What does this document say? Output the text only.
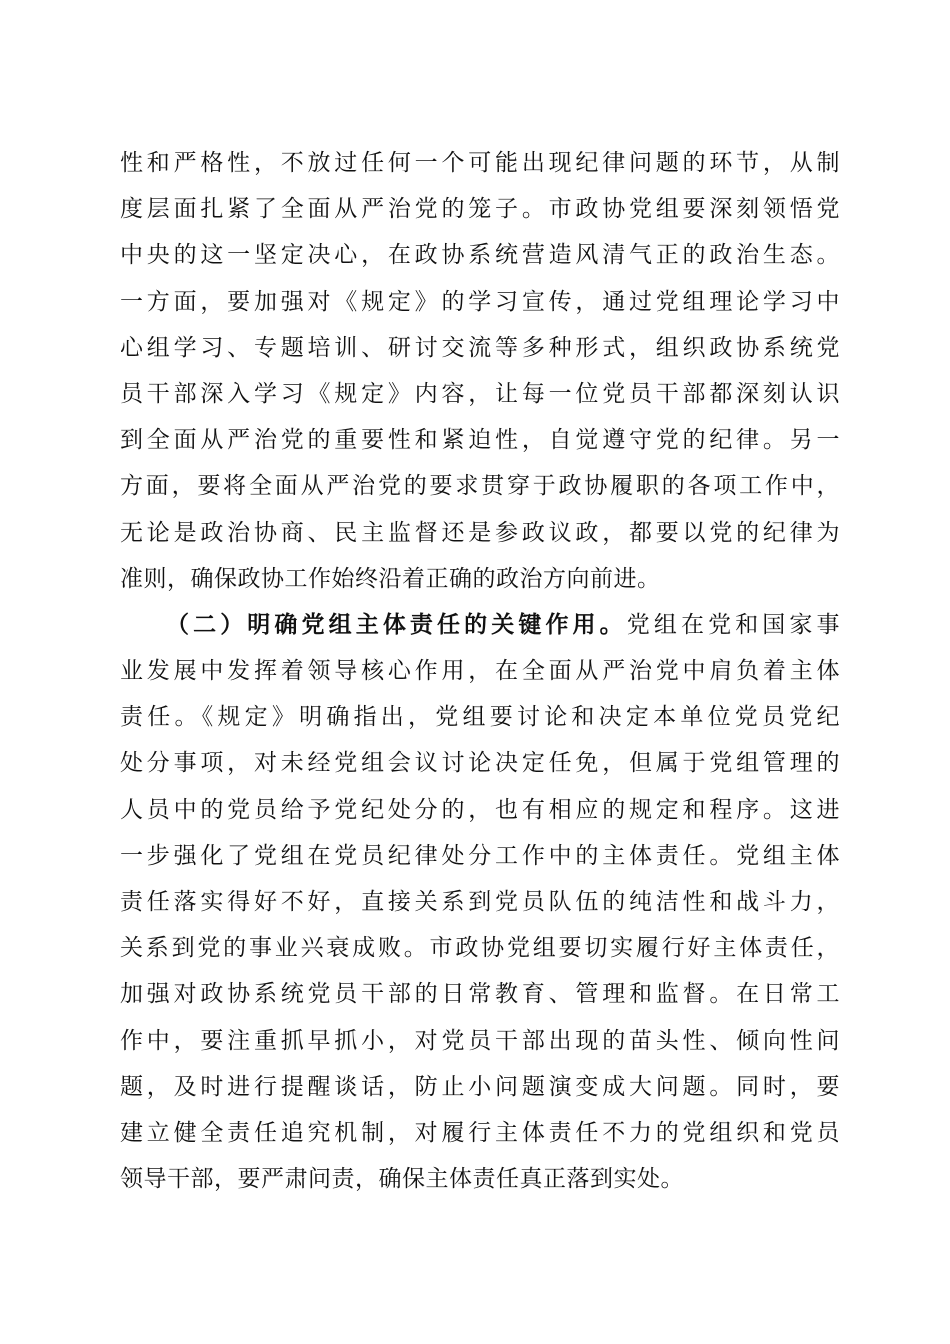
性和严格性，不放过任何一个可能出现纪律问题的环节，从制
度层面扎紧了全面从严治党的笼子。市政协党组要深刻领悟党
中央的这一坚定决心，在政协系统营造风清气正的政治生态。
一方面，要加强对《规定》的学习宣传，通过党组理论学习中
心组学习、专题培训、研讨交流等多种形式，组织政协系统党
员干部深入学习《规定》内容，让每一位党员干部都深刻认识
到全面从严治党的重要性和紧迫性，自觉遵守党的纪律。另一
方面，要将全面从严治党的要求贯穿于政协履职的各项工作中，
无论是政治协商、民主监督还是参政议政，都要以党的纪律为
准则，确保政协工作始终沿着正确的政治方向前进。
（二）明确党组主体责任的关键作用。党组在党和国家事
业发展中发挥着领导核心作用，在全面从严治党中肩负着主体
责任。《规定》明确指出，党组要讨论和决定本单位党员党纪
处分事项，对未经党组会议讨论决定任免，但属于党组管理的
人员中的党员给予党纪处分的，也有相应的规定和程序。这进
一步强化了党组在党员纪律处分工作中的主体责任。党组主体
责任落实得好不好，直接关系到党员队伍的纯洁性和战斗力，
关系到党的事业兴衰成败。市政协党组要切实履行好主体责任，
加强对政协系统党员干部的日常教育、管理和监督。在日常工
作中，要注重抓早抓小，对党员干部出现的苗头性、倾向性问
题，及时进行提醒谈话，防止小问题演变成大问题。同时，要
建立健全责任追究机制，对履行主体责任不力的党组织和党员
领导干部，要严肃问责，确保主体责任真正落到实处。
